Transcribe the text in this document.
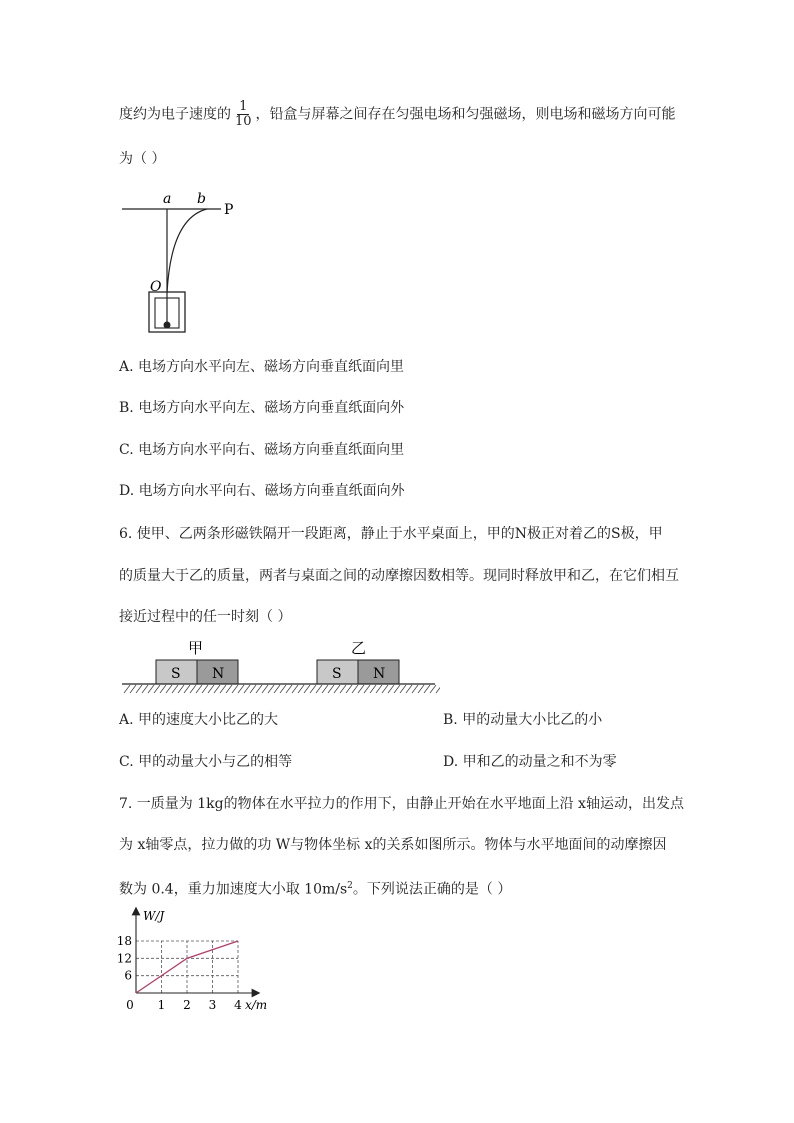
度约为电子速度的 $\frac{1}{10}$ ，铅盒与屏幕之间存在匀强电场和匀强磁场，则电场和磁场方向可能
为（ ）
a b
P
O
A. 电场方向水平向左、磁场方向垂直纸面向里
B. 电场方向水平向左、磁场方向垂直纸面向外
C. 电场方向水平向右、磁场方向垂直纸面向里
D. 电场方向水平向右、磁场方向垂直纸面向外
6. 使甲、乙两条形磁铁隔开一段距离，静止于水平桌面上，甲的N极正对着乙的S极，甲
的质量大于乙的质量，两者与桌面之间的动摩擦因数相等。现同时释放甲和乙，在它们相互
接近过程中的任一时刻（ ）
甲	乙
S N	S N
A. 甲的速度大小比乙的大	B. 甲的动量大小比乙的小
C. 甲的动量大小与乙的相等	D. 甲和乙的动量之和不为零
7. 一质量为 1kg的物体在水平拉力的作用下，由静止开始在水平地面上沿 x轴运动，出发点
为 x轴零点，拉力做的功 W与物体坐标 x的关系如图所示。物体与水平地面间的动摩擦因
数为 0.4，重力加速度大小取 $10m/s^2$。下列说法正确的是（ ）
W/J
6
12
18
0 1 2 3 4 x/m
